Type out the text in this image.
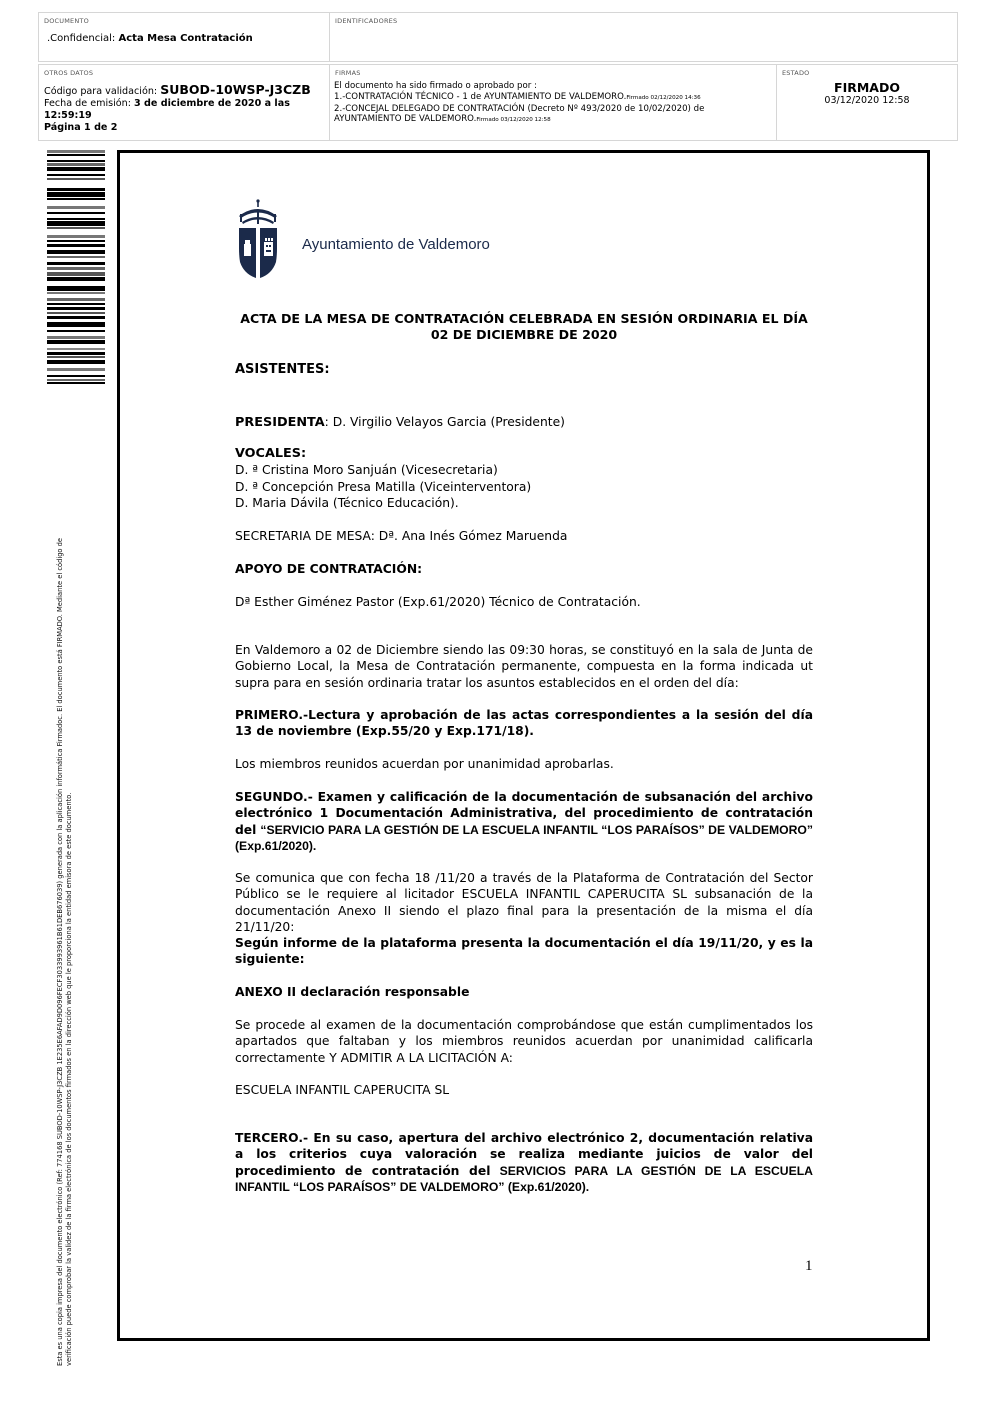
DOCUMENTO
.Confidencial: Acta Mesa Contratación
IDENTIFICADORES
OTROS DATOS
Código para validación: SUBOD-10WSP-J3CZB
Fecha de emisión: 3 de diciembre de 2020 a las 12:59:19
Página 1 de 2
FIRMAS
El documento ha sido firmado o aprobado por :
1.-CONTRATACIÓN TÉCNICO - 1 de AYUNTAMIENTO DE VALDEMORO.Firmado 02/12/2020 14:36
2.-CONCEJAL DELEGADO DE CONTRATACIÓN (Decreto Nº 493/2020 de 10/02/2020) de
AYUNTAMIENTO DE VALDEMORO.Firmado 03/12/2020 12:58
ESTADO
FIRMADO
03/12/2020 12:58
Esta es una copia impresa del documento electrónico (Ref: 774168 SUBOD-10WSP-J3CZB 1E235E6AFAD9D096FECF3033993961B61DEB676039) generada con la aplicación informática Firmadoc. El documento está FIRMADO. Mediante el código de verificación puede comprobar la validez de la firma electrónica de los documentos firmados en la dirección web que le proporciona la entidad emisora de este documento.
Ayuntamiento de Valdemoro
ACTA DE LA MESA DE CONTRATACIÓN CELEBRADA EN SESIÓN ORDINARIA EL DÍA
02 DE DICIEMBRE DE 2020
ASISTENTES:
PRESIDENTA: D. Virgilio Velayos Garcia (Presidente)
VOCALES:
D. ª Cristina Moro Sanjuán (Vicesecretaria)
D. ª Concepción Presa Matilla (Viceinterventora)
D. Maria Dávila (Técnico Educación).
SECRETARIA DE MESA: Dª. Ana Inés Gómez Maruenda
APOYO DE CONTRATACIÓN:
Dª Esther Giménez Pastor (Exp.61/2020) Técnico de Contratación.
En Valdemoro a 02 de Diciembre siendo las 09:30 horas, se constituyó en la sala de Junta de Gobierno Local, la Mesa de Contratación permanente, compuesta en la forma indicada ut supra para en sesión ordinaria tratar los asuntos establecidos en el orden del día:
PRIMERO.-Lectura y aprobación de las actas correspondientes a la sesión del día 13 de noviembre (Exp.55/20 y Exp.171/18).
Los miembros reunidos acuerdan por unanimidad aprobarlas.
SEGUNDO.- Examen y calificación de la documentación de subsanación del archivo electrónico 1 Documentación Administrativa, del procedimiento de contratación del “SERVICIO PARA LA GESTIÓN DE LA ESCUELA INFANTIL “LOS PARAÍSOS” DE VALDEMORO” (Exp.61/2020).
Se comunica que con fecha 18 /11/20 a través de la Plataforma de Contratación del Sector Público se le requiere al licitador ESCUELA INFANTIL CAPERUCITA SL subsanación de la documentación Anexo II siendo el plazo final para la presentación de la misma el día 21/11/20:
Según informe de la plataforma presenta la documentación el día 19/11/20, y es la siguiente:
ANEXO II declaración responsable
Se procede al examen de la documentación comprobándose que están cumplimentados los apartados que faltaban y los miembros reunidos acuerdan por unanimidad calificarla correctamente Y ADMITIR A LA LICITACIÓN A:
ESCUELA INFANTIL CAPERUCITA SL
TERCERO.- En su caso, apertura del archivo electrónico 2, documentación relativa a los criterios cuya valoración se realiza mediante juicios de valor del procedimiento de contratación del SERVICIOS PARA LA GESTIÓN DE LA ESCUELA INFANTIL “LOS PARAÍSOS” DE VALDEMORO” (Exp.61/2020).
1
